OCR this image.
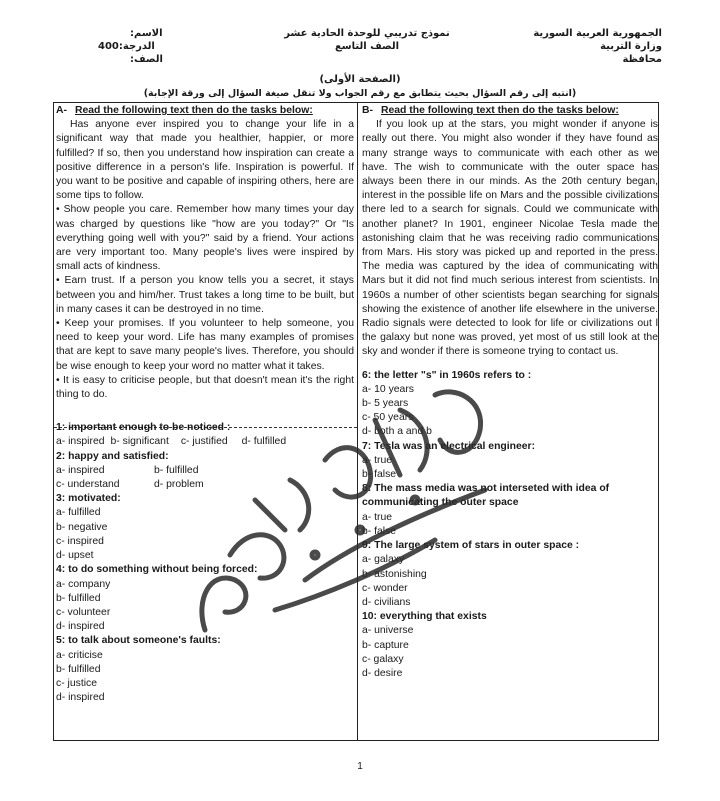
الجمهورية العربية السورية
وزارة التربية
محافظة
نموذج تدريبي للوحدة الحادية عشر
الصف التاسع
الاسم:
400الدرجة:
الصف:
(الصفحة الأولى)
(انتبه إلى رقم السؤال بحيث يتطابق مع رقم الجواب ولا تنقل صيغة السؤال إلى ورقة الإجابة)
A- Read the following text then do the tasks below:
Has anyone ever inspired you to change your life in a significant way that made you healthier, happier, or more fulfilled? If so, then you understand how inspiration can create a positive difference in a person's life. Inspiration is powerful. If you want to be positive and capable of inspiring others, here are some tips to follow.
• Show people you care. Remember how many times your day was charged by questions like "how are you today?" Or "Is everything going well with you?" said by a friend. Your actions are very important too. Many people's lives were inspired by small acts of kindness.
• Earn trust. If a person you know tells you a secret, it stays between you and him/her. Trust takes a long time to be built, but in many cases it can be destroyed in no time.
• Keep your promises. If you volunteer to help someone, you need to keep your word. Life has many examples of promises that are kept to save many people's lives. Therefore, you should be wise enough to keep your word no matter what it takes.
• It is easy to criticise people, but that doesn't mean it's the right thing to do.
1: important enough to be noticed :
a- inspired b- significant c- justified d- fulfilled
2: happy and satisfied:
a- inspired	b- fulfilled
c- understand	d- problem
3: motivated:
a- fulfilled
b- negative
c- inspired
d- upset
4: to do something without being forced:
a- company
b- fulfilled
c- volunteer
d- inspired
5: to talk about someone's faults:
a- criticise
b- fulfilled
c- justice
d- inspired
B- Read the following text then do the tasks below:
If you look up at the stars, you might wonder if anyone is really out there. You might also wonder if they have found as many strange ways to communicate with each other as we have. The wish to communicate with the outer space has always been there in our minds. As the 20th century began, interest in the possible life on Mars and the possible civilizations there led to a search for signals. Could we communicate with another planet? In 1901, engineer Nicolae Tesla made the astonishing claim that he was receiving radio communications from Mars. His story was picked up and reported in the press. The media was captured by the idea of communicating with Mars but it did not find much serious interest from scientists. In 1960s a number of other scientists began searching for signals showing the existence of another life elsewhere in the universe. Radio signals were detected to look for life or civilizations out l the galaxy but none was proved, yet most of us still look at the sky and wonder if there is someone trying to contact us.
6: the letter "s" in 1960s refers to :
a- 10 years
b- 5 years
c- 50 years
d- both a and b
7: Tesla was an electrical engineer:
a- true
b- false
8: The mass media was not interseted with idea of communicating the outer space
a- true
b- false
9: The large system of stars in outer space :
a- galaxy
b- astonishing
c- wonder
d- civilians
10: everything that exists
a- universe
b- capture
c- galaxy
d- desire
1
